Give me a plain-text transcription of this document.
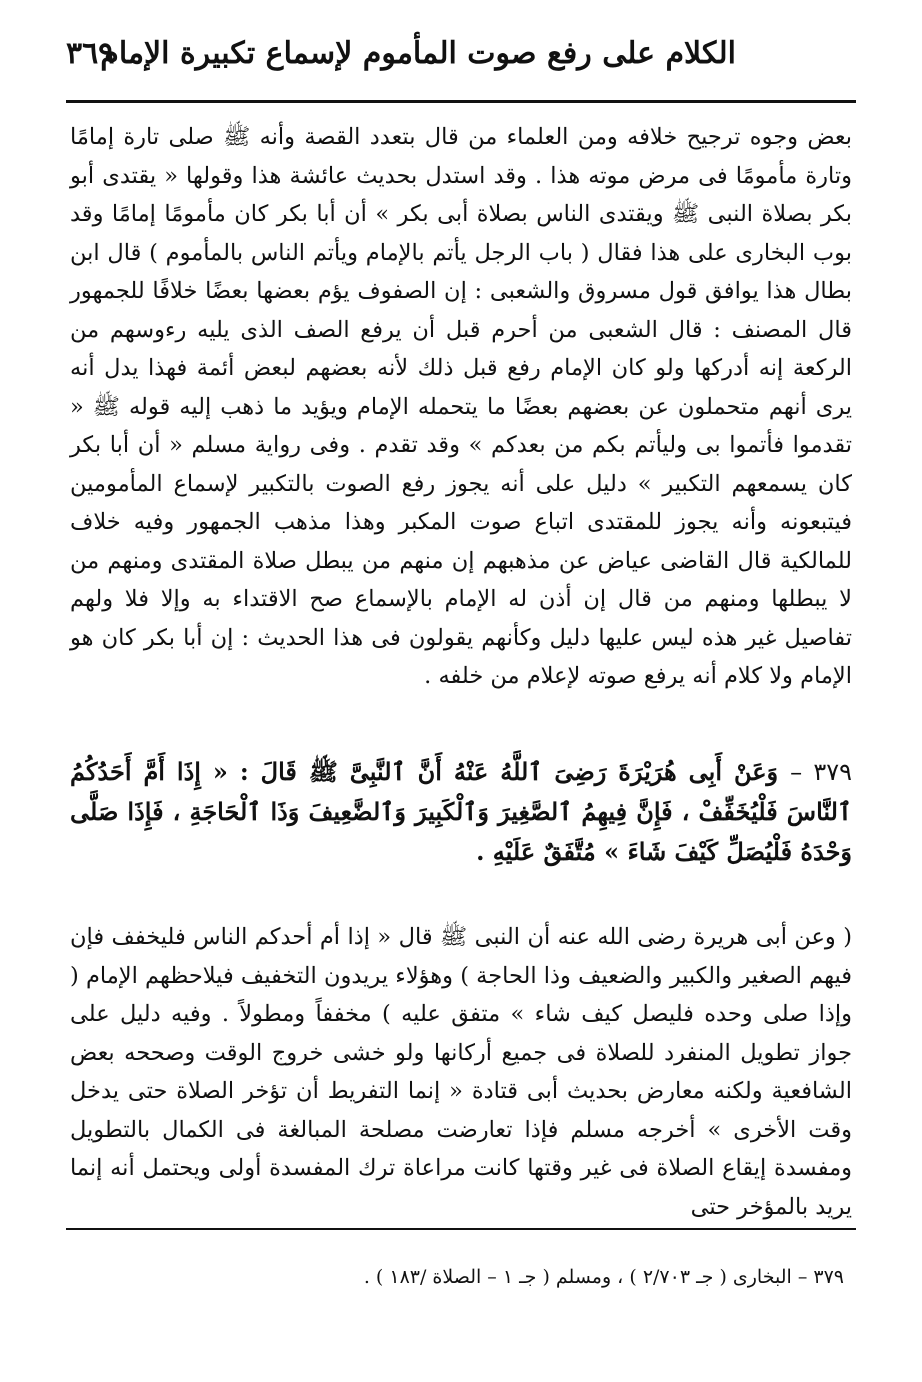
الكلام على رفع صوت المأموم لإسماع تكبيرة الإمام
٣٦٩

بعض وجوه ترجيح خلافه ومن العلماء من قال بتعدد القصة وأنه ﷺ صلى تارة إمامًا وتارة مأمومًا فى مرض موته هذا . وقد استدل بحديث عائشة هذا وقولها « يقتدى أبو بكر بصلاة النبى ﷺ ويقتدى الناس بصلاة أبى بكر » أن أبا بكر كان مأمومًا إمامًا وقد بوب البخارى على هذا فقال ( باب الرجل يأتم بالإمام ويأتم الناس بالمأموم ) قال ابن بطال هذا يوافق قول مسروق والشعبى : إن الصفوف يؤم بعضها بعضًا خلافًا للجمهور قال المصنف : قال الشعبى من أحرم قبل أن يرفع الصف الذى يليه رءوسهم من الركعة إنه أدركها ولو كان الإمام رفع قبل ذلك لأنه بعضهم لبعض أئمة فهذا يدل أنه يرى أنهم متحملون عن بعضهم بعضًا ما يتحمله الإمام ويؤيد ما ذهب إليه قوله ﷺ « تقدموا فأتموا بى وليأتم بكم من بعدكم » وقد تقدم . وفى رواية مسلم « أن أبا بكر كان يسمعهم التكبير » دليل على أنه يجوز رفع الصوت بالتكبير لإسماع المأمومين فيتبعونه وأنه يجوز للمقتدى اتباع صوت المكبر وهذا مذهب الجمهور وفيه خلاف للمالكية قال القاضى عياض عن مذهبهم إن منهم من يبطل صلاة المقتدى ومنهم من لا يبطلها ومنهم من قال إن أذن له الإمام بالإسماع صح الاقتداء به وإلا فلا ولهم تفاصيل غير هذه ليس عليها دليل وكأنهم يقولون فى هذا الحديث : إن أبا بكر كان هو الإمام ولا كلام أنه يرفع صوته لإعلام من خلفه .

٣٧٩ – وَعَنْ أَبِى هُرَيْرَةَ رَضِىَ ٱللَّهُ عَنْهُ أَنَّ ٱلنَّبِىَّ ﷺ قَالَ : « إِذَا أَمَّ أَحَدُكُمُ ٱلنَّاسَ فَلْيُخَفِّفْ ، فَإِنَّ فِيهِمُ ٱلصَّغِيرَ وَٱلْكَبِيرَ وَٱلضَّعِيفَ وَذَا ٱلْحَاجَةِ ، فَإِذَا صَلَّى وَحْدَهُ فَلْيُصَلِّ كَيْفَ شَاءَ » مُتَّفَقٌ عَلَيْهِ .

( وعن أبى هريرة رضى الله عنه أن النبى ﷺ قال « إذا أم أحدكم الناس فليخفف فإن فيهم الصغير والكبير والضعيف وذا الحاجة ) وهؤلاء يريدون التخفيف فيلاحظهم الإمام ( وإذا صلى وحده فليصل كيف شاء » متفق عليه ) مخففاً ومطولاً . وفيه دليل على جواز تطويل المنفرد للصلاة فى جميع أركانها ولو خشى خروج الوقت وصححه بعض الشافعية ولكنه معارض بحديث أبى قتادة « إنما التفريط أن تؤخر الصلاة حتى يدخل وقت الأخرى » أخرجه مسلم فإذا تعارضت مصلحة المبالغة فى الكمال بالتطويل ومفسدة إيقاع الصلاة فى غير وقتها كانت مراعاة ترك المفسدة أولى ويحتمل أنه إنما يريد بالمؤخر حتى

٣٧٩ – البخارى ( جـ ٢/٧٠٣ ) ، ومسلم ( جـ ١ – الصلاة /١٨٣ ) .
